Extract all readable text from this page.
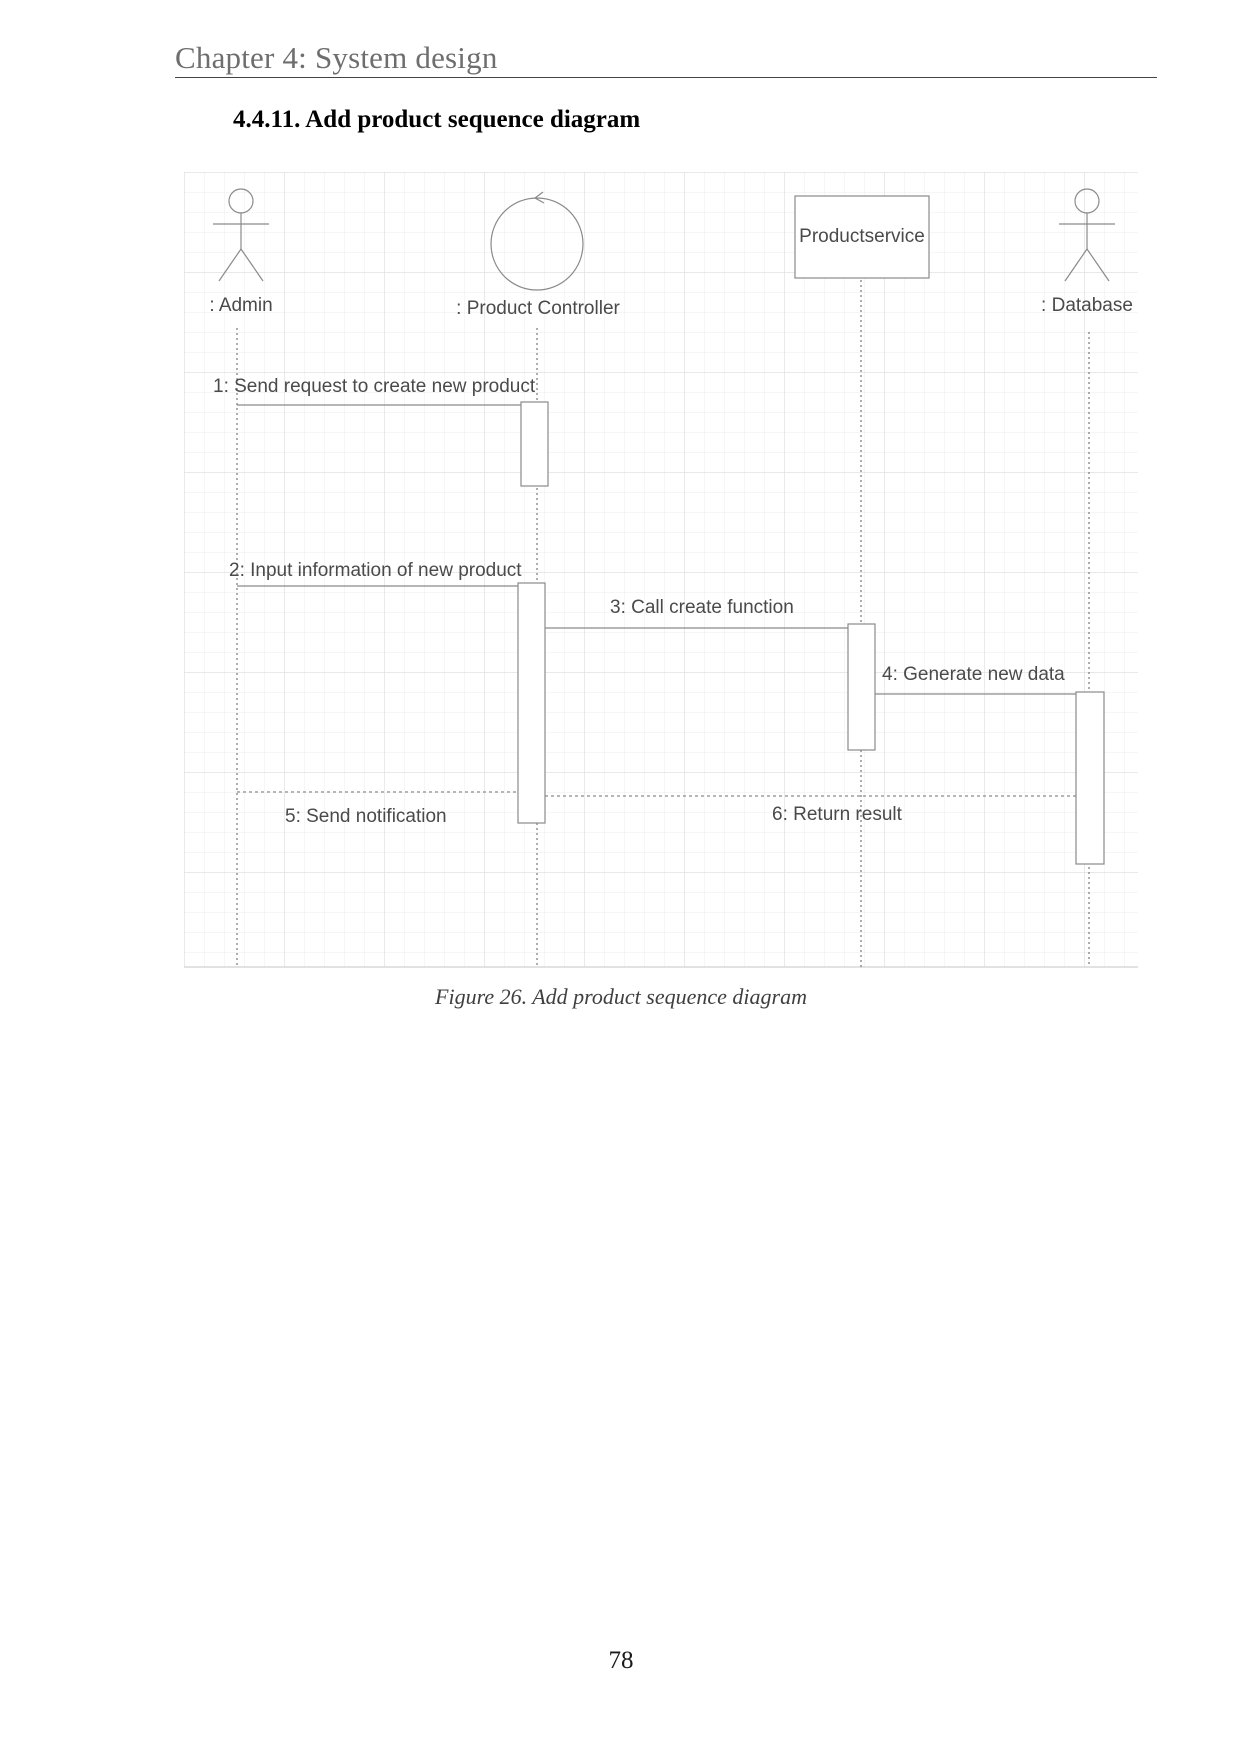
Chapter 4: System design
4.4.11. Add product sequence diagram
: Admin	: Product Controller
Productservice
: Database
1: Send request to create new product
2: Input information of new product
3: Call create function
4: Generate new data
5: Send notification	6: Return result
Figure 26. Add product sequence diagram
78
